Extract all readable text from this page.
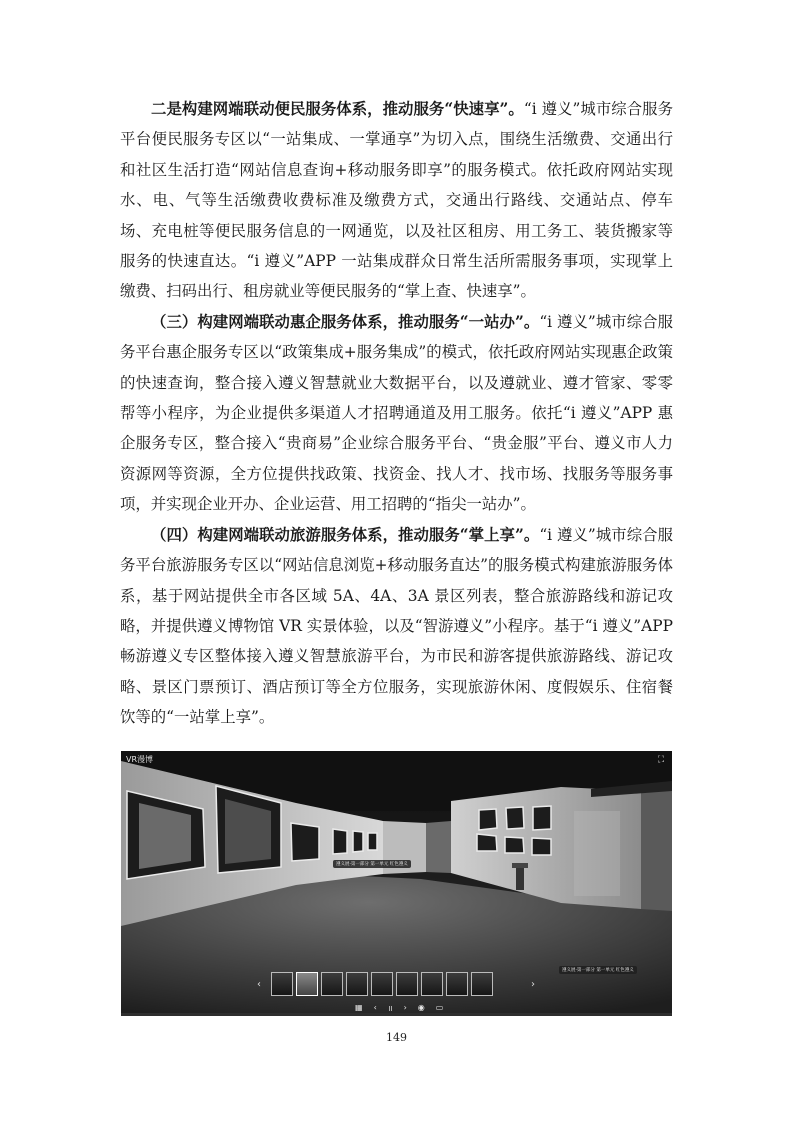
二是构建网端联动便民服务体系，推动服务“快速享”。“i 遵义”城市综合服务平台便民服务专区以“一站集成、一掌通享”为切入点，围绕生活缴费、交通出行和社区生活打造“网站信息查询+移动服务即享”的服务模式。依托政府网站实现水、电、气等生活缴费收费标准及缴费方式，交通出行路线、交通站点、停车场、充电桩等便民服务信息的一网通览，以及社区租房、用工务工、装货搬家等服务的快速直达。“i 遵义”APP 一站集成群众日常生活所需服务事项，实现掌上缴费、扫码出行、租房就业等便民服务的“掌上查、快速享”。

（三）构建网端联动惠企服务体系，推动服务“一站办”。“i 遵义”城市综合服务平台惠企服务专区以“政策集成+服务集成”的模式，依托政府网站实现惠企政策的快速查询，整合接入遵义智慧就业大数据平台，以及遵就业、遵才管家、零零帮等小程序，为企业提供多渠道人才招聘通道及用工服务。依托“i 遵义”APP 惠企服务专区，整合接入“贵商易”企业综合服务平台、“贵金服”平台、遵义市人力资源网等资源，全方位提供找政策、找资金、找人才、找市场、找服务等服务事项，并实现企业开办、企业运营、用工招聘的“指尖一站办”。

（四）构建网端联动旅游服务体系，推动服务“掌上享”。“i 遵义”城市综合服务平台旅游服务专区以“网站信息浏览+移动服务直达”的服务模式构建旅游服务体系，基于网站提供全市各区域 5A、4A、3A 景区列表，整合旅游路线和游记攻略，并提供遵义博物馆 VR 实景体验，以及“智游遵义”小程序。基于“i 遵义”APP 畅游遵义专区整体接入遵义智慧旅游平台，为市民和游客提供旅游路线、游记攻略、景区门票预订、酒店预订等全方位服务，实现旅游休闲、度假娱乐、住宿餐饮等的“一站掌上享”。

VR漫博	⛶
遵义展·第一部分 第一单元 红色遵义
遵义展·第一部分 第一单元 红色遵义
‹	›
▦ ‹ ॥ › ◉ ▭
149
